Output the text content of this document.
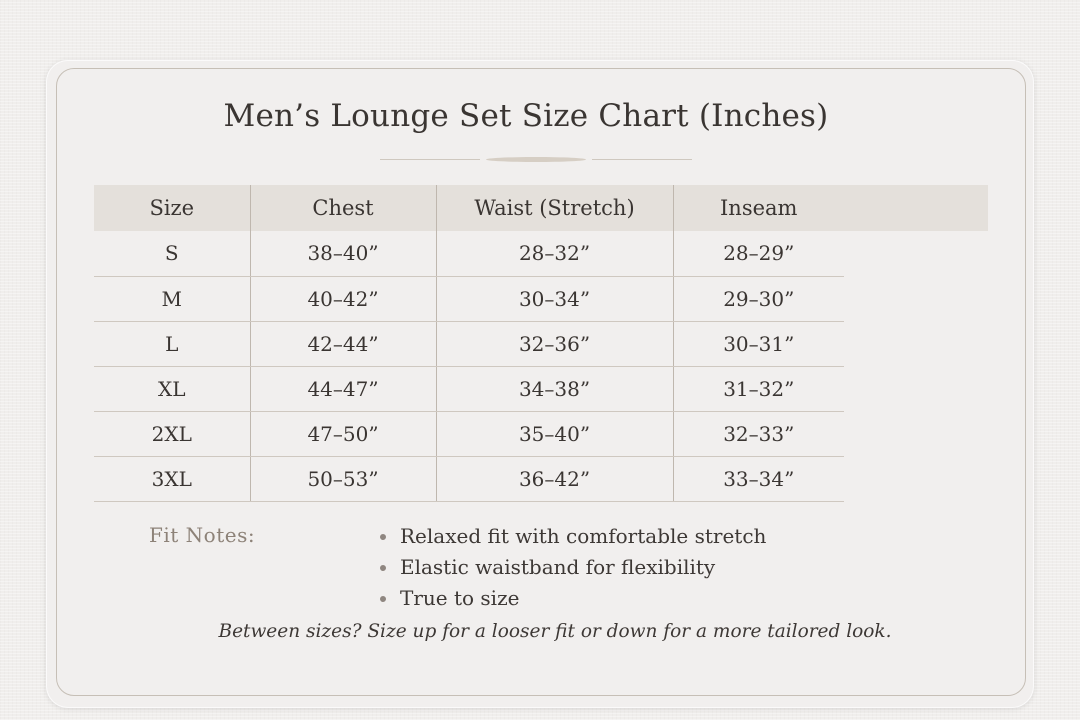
Men’s Lounge Set Size Chart (Inches)
Size	Chest	Waist (Stretch)	Inseam
S	38–40”	28–32”	28–29”
M	40–42”	30–34”	29–30”
L	42–44”	32–36”	30–31”
XL	44–47”	34–38”	31–32”
2XL	47–50”	35–40”	32–33”
3XL	50–53”	36–42”	33–34”
Fit Notes:	Relaxed fit with comfortable stretch
Elastic waistband for flexibility
True to size
Between sizes? Size up for a looser fit or down for a more tailored look.
